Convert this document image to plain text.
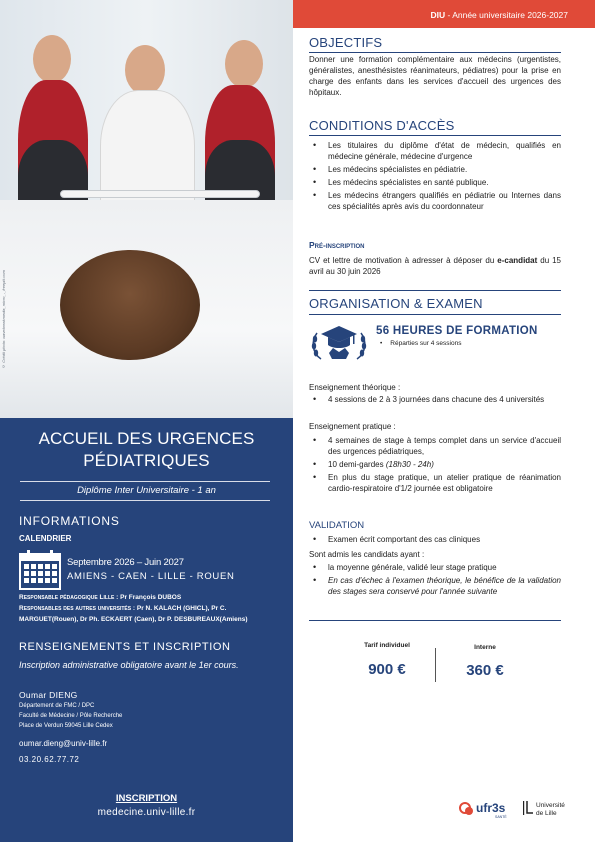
© Crédit photo: wavebreakmedia_micro_-_freepik.com
ACCUEIL DES URGENCES
PÉDIATRIQUES
Diplôme Inter Universitaire - 1 an
INFORMATIONS
CALENDRIER
Septembre 2026 – Juin 2027
AMIENS - CAEN - LILLE - ROUEN
Responsable pédagogique Lille : Pr François DUBOS
Responsables des autres universités : Pr N. KALACH (GHICL), Pr C. MARGUET(Rouen), Dr Ph. ECKAERT (Caen), Dr P. DESBUREAUX(Amiens)
RENSEIGNEMENTS ET INSCRIPTION
Inscription administrative obligatoire avant le 1er cours.
Oumar DIENG
Département de FMC / DPC
Faculté de Médecine / Pôle Recherche
Place de Verdun 59045 Lille Cedex
oumar.dieng@univ-lille.fr
03.20.62.77.72
INSCRIPTION
medecine.univ-lille.fr
DIU - Année universitaire 2026-2027
OBJECTIFS
Donner une formation complémentaire aux médecins (urgentistes, généralistes, anesthésistes réanimateurs, pédiatres) pour la prise en charge des enfants dans les services d'accueil des urgences des hôpitaux.
CONDITIONS D'ACCÈS
• Les titulaires du diplôme d'état de médecin, qualifiés en médecine générale, médecine d'urgence
• Les médecins spécialistes en pédiatrie.
• Les médecins spécialistes en santé publique.
• Les médecins étrangers qualifiés en pédiatrie ou Internes dans ces spécialités après avis du coordonnateur
Pré-inscription
CV et lettre de motivation à adresser à déposer du e-candidat du 15 avril au 30 juin 2026
ORGANISATION & EXAMEN
56 HEURES DE FORMATION
• Réparties sur 4 sessions
Enseignement théorique :
• 4 sessions de 2 à 3 journées dans chacune des 4 universités
Enseignement pratique :
• 4 semaines de stage à temps complet dans un service d'accueil des urgences pédiatriques,
• 10 demi-gardes (18h30 - 24h)
• En plus du stage pratique, un atelier pratique de réanimation cardio-respiratoire d'1/2 journée est obligatoire
VALIDATION
• Examen écrit comportant des cas cliniques
Sont admis les candidats ayant :
• la moyenne générale, validé leur stage pratique
• En cas d'échec à l'examen théorique, le bénéfice de la validation des stages sera conservé pour l'année suivante
Tarif individuel
900 €
Interne
360 €
ufr3s
SANTÉ
Université
de Lille
